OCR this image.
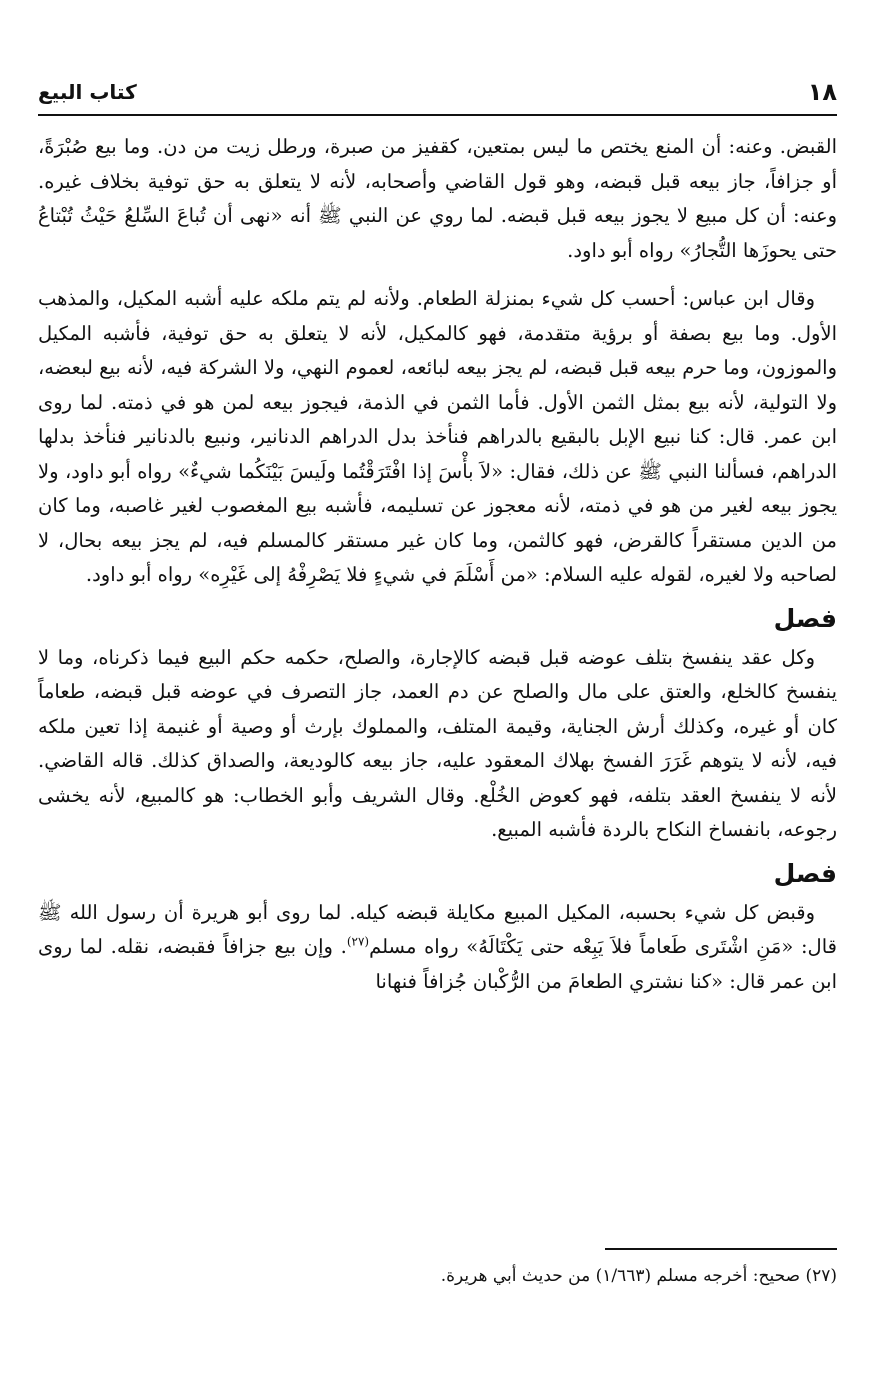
١٨
كتاب البيع

القبض. وعنه: أن المنع يختص ما ليس بمتعين، كقفيز من صبرة، ورطل زيت من دن. وما بيع صُبْرَةً، أو جزافاً، جاز بيعه قبل قبضه، وهو قول القاضي وأصحابه، لأنه لا يتعلق به حق توفية بخلاف غيره. وعنه: أن كل مبيع لا يجوز بيعه قبل قبضه. لما روي عن النبي ﷺ أنه «نهى أن تُباعَ السِّلعُ حَيْثُ تُبْتاعُ حتى يحوزَها التُّجارُ» رواه أبو داود.

وقال ابن عباس: أحسب كل شيء بمنزلة الطعام. ولأنه لم يتم ملكه عليه أشبه المكيل، والمذهب الأول. وما بيع بصفة أو برؤية متقدمة، فهو كالمكيل، لأنه لا يتعلق به حق توفية، فأشبه المكيل والموزون، وما حرم بيعه قبل قبضه، لم يجز بيعه لبائعه، لعموم النهي، ولا الشركة فيه، لأنه بيع لبعضه، ولا التولية، لأنه بيع بمثل الثمن الأول. فأما الثمن في الذمة، فيجوز بيعه لمن هو في ذمته. لما روى ابن عمر. قال: كنا نبيع الإبل بالبقيع بالدراهم فنأخذ بدل الدراهم الدنانير، ونبيع بالدنانير فنأخذ بدلها الدراهم، فسألنا النبي ﷺ عن ذلك، فقال: «لاَ بأْسَ إذا افْتَرَقْتُما ولَيسَ بَيْنَكُما شيءٌ» رواه أبو داود، ولا يجوز بيعه لغير من هو في ذمته، لأنه معجوز عن تسليمه، فأشبه بيع المغصوب لغير غاصبه، وما كان من الدين مستقراً كالقرض، فهو كالثمن، وما كان غير مستقر كالمسلم فيه، لم يجز بيعه بحال، لا لصاحبه ولا لغيره، لقوله عليه السلام: «من أَسْلَمَ في شيءٍ فلا يَصْرِفْهُ إلى غَيْرِه» رواه أبو داود.

فصل

وكل عقد ينفسخ بتلف عوضه قبل قبضه كالإجارة، والصلح، حكمه حكم البيع فيما ذكرناه، وما لا ينفسخ كالخلع، والعتق على مال والصلح عن دم العمد، جاز التصرف في عوضه قبل قبضه، طعاماً كان أو غيره، وكذلك أرش الجناية، وقيمة المتلف، والمملوك بإرث أو وصية أو غنيمة إذا تعين ملكه فيه، لأنه لا يتوهم غَرَرَ الفسخ بهلاك المعقود عليه، جاز بيعه كالوديعة، والصداق كذلك. قاله القاضي. لأنه لا ينفسخ العقد بتلفه، فهو كعوض الخُلْع. وقال الشريف وأبو الخطاب: هو كالمبيع، لأنه يخشى رجوعه، بانفساخ النكاح بالردة فأشبه المبيع.

فصل

وقبض كل شيء بحسبه، المكيل المبيع مكايلة قبضه كيله. لما روى أبو هريرة أن رسول الله ﷺ قال: «مَنِ اشْتَرى طَعاماً فلاَ يَبِعْه حتى يَكْتَالَهُ» رواه مسلم$^{(٢٧)}$. وإن بيع جزافاً فقبضه، نقله. لما روى ابن عمر قال: «كنا نشتري الطعامَ من الرُّكْبان جُزافاً فنهانا

(٢٧) صحيح: أخرجه مسلم (١/٦٦٣) من حديث أبي هريرة.
